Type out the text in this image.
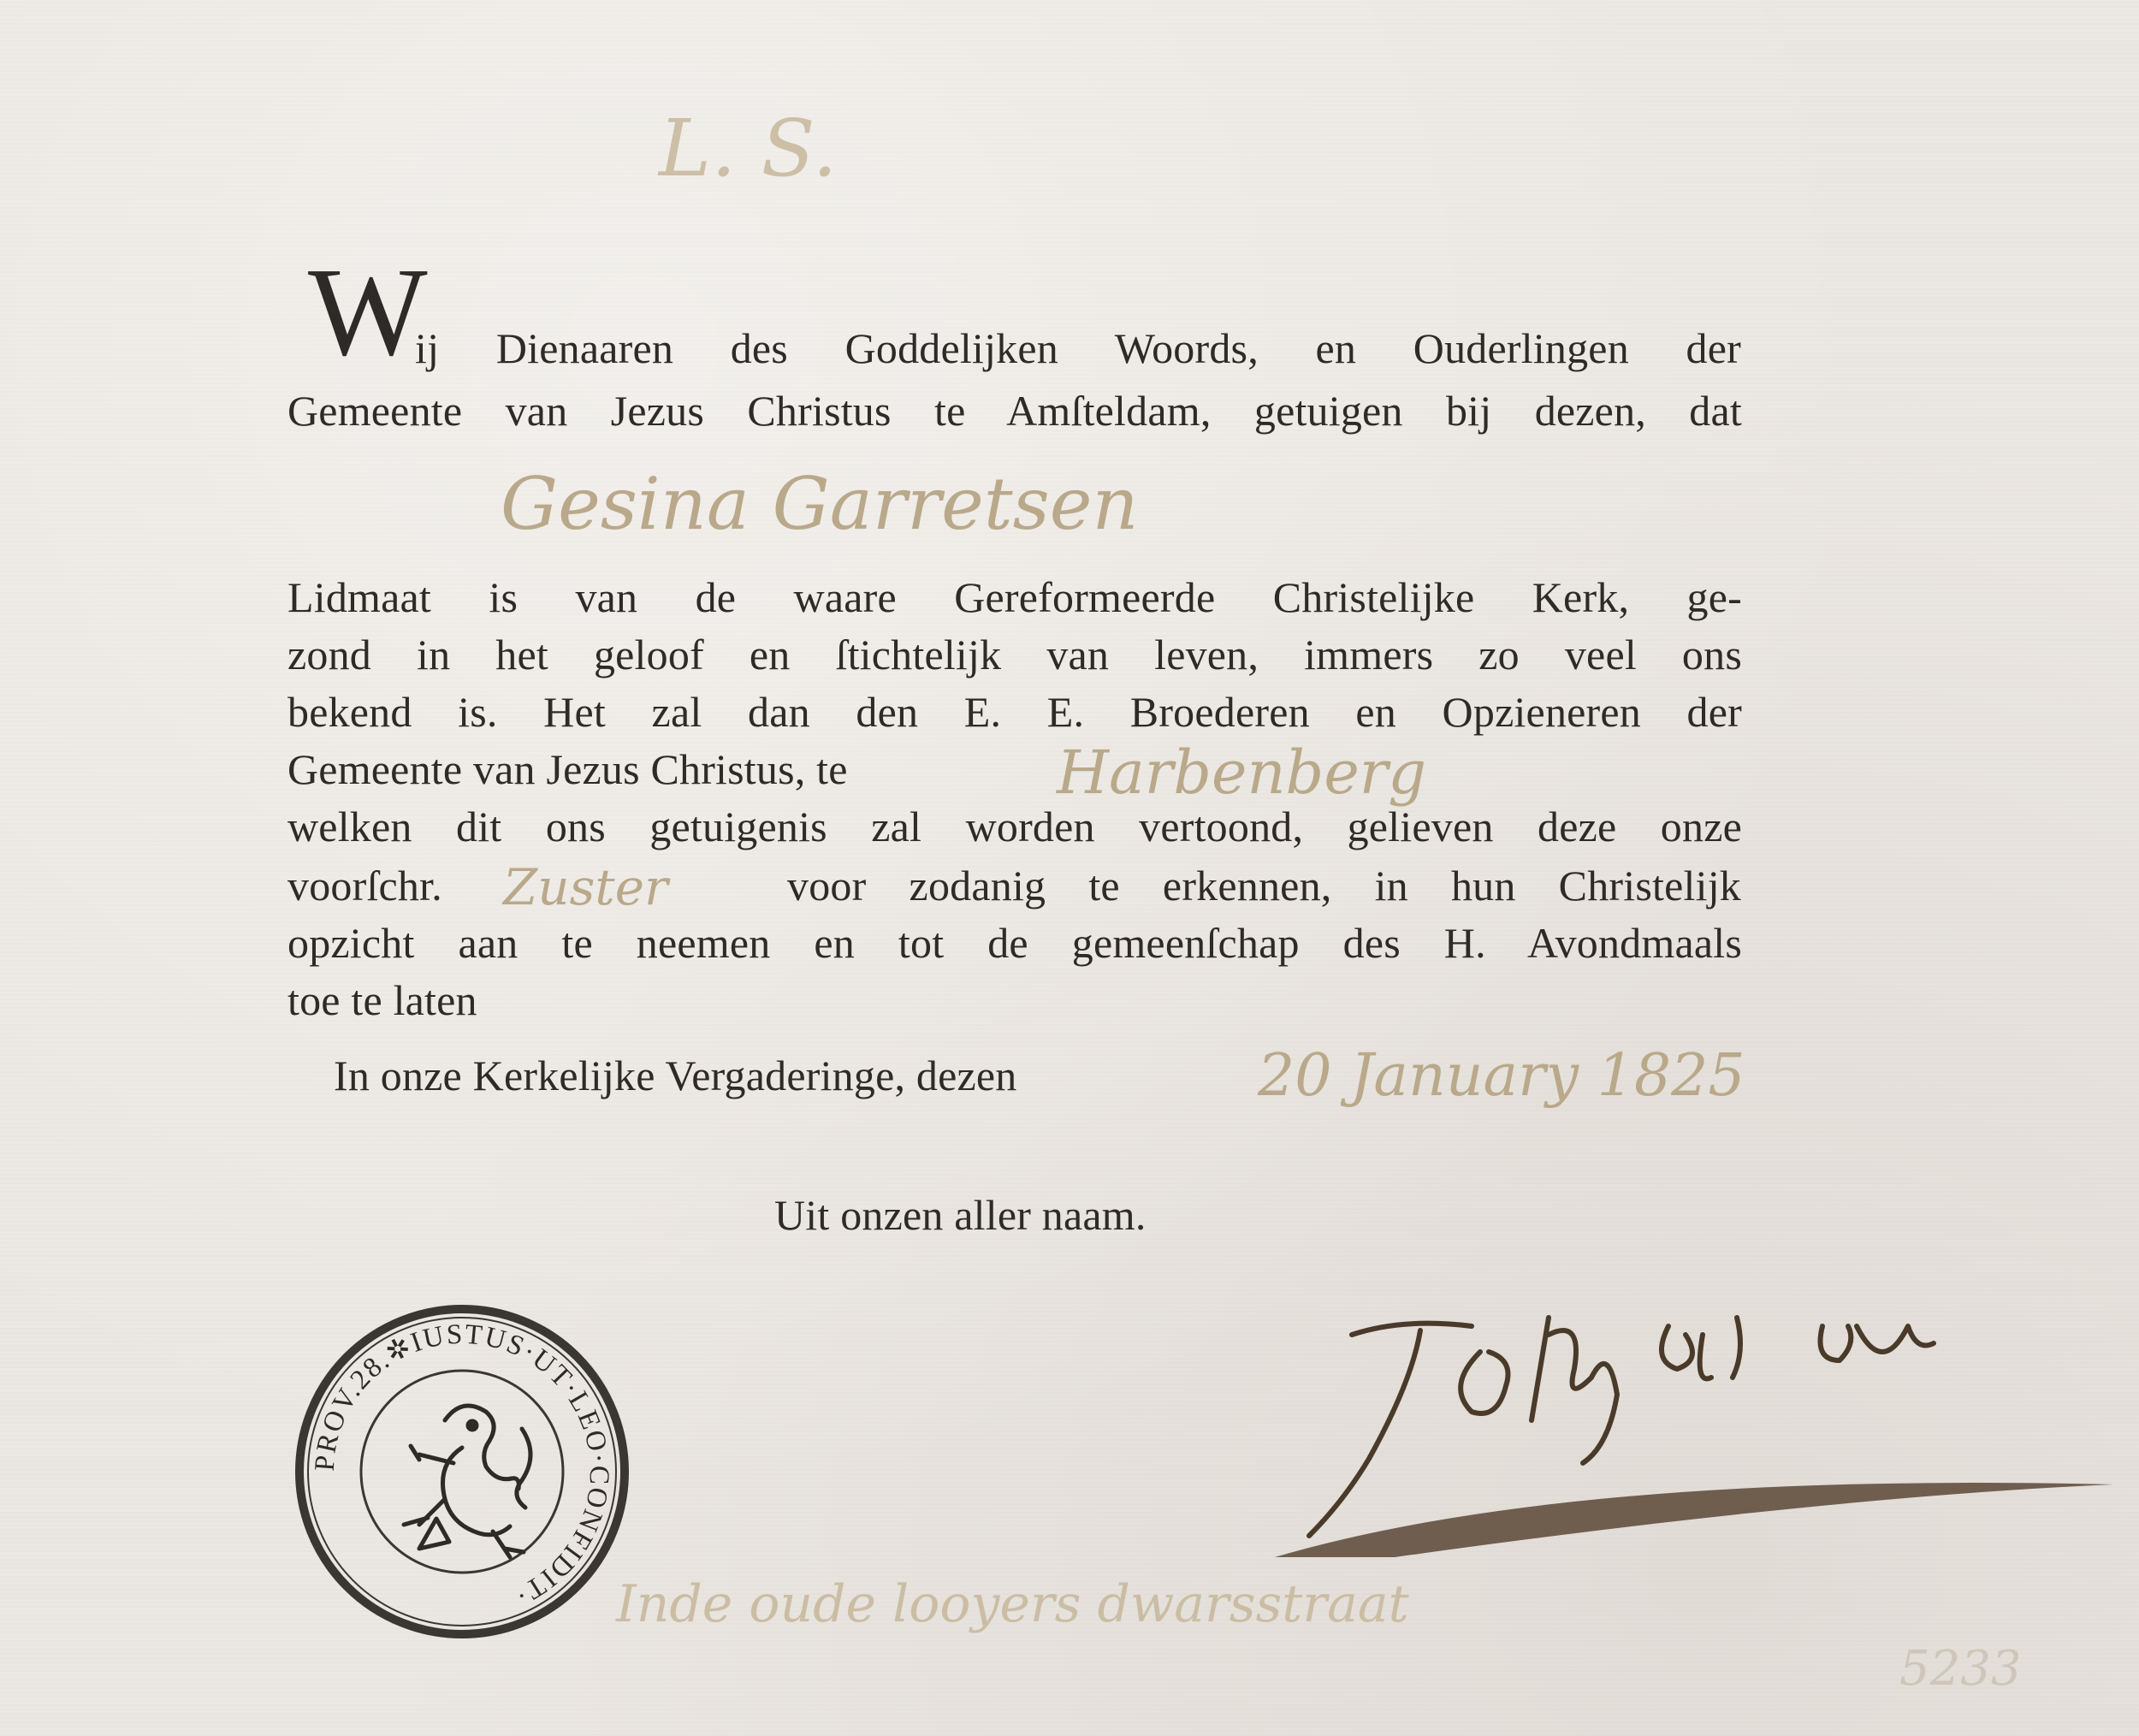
L. S.
W
ij Dienaaren des Goddelijken Woords, en Ouderlingen der
Gemeente van Jezus Christus te Amſteldam, getuigen bij dezen, dat
Gesina Garretsen
Lidmaat is van de waare Gereformeerde Christelijke Kerk, ge-
zond in het geloof en ſtichtelijk van leven, immers zo veel ons
bekend is. Het zal dan den E. E. Broederen en Opzieneren der
Gemeente van Jezus Christus, te	Harbenberg
welken dit ons getuigenis zal worden vertoond, gelieven deze onze
voorſchr. Zuster	voor zodanig te erkennen, in hun Christelijk
opzicht aan te neemen en tot de gemeenſchap des H. Avondmaals
toe te laten
In onze Kerkelijke Vergaderinge, dezen	20 January 1825
Uit onzen aller naam.
PROV.28.✲IUSTUS·UT·LEO·CONFIDIT·	Inde oude looyers dwarsstraat
5233
